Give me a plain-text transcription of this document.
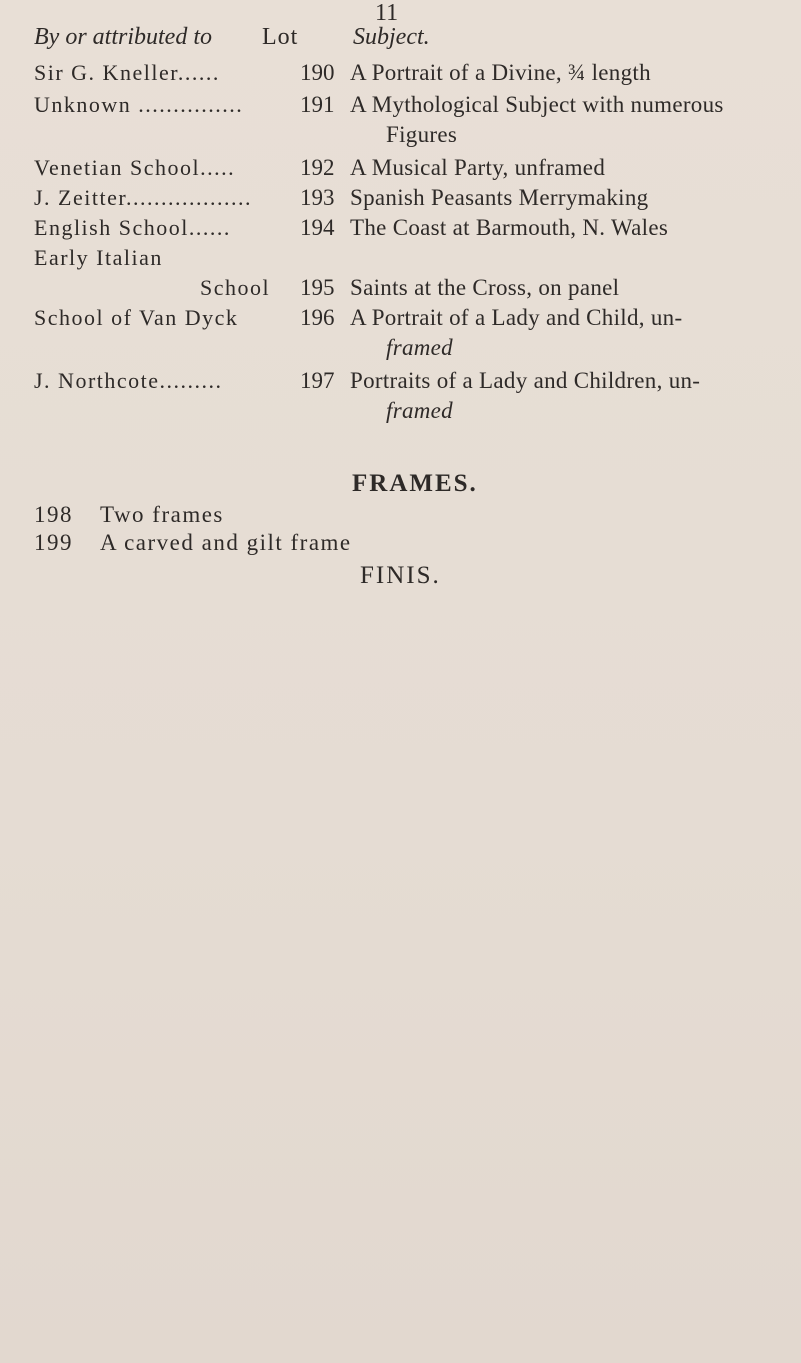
11
By or attributed to Lot Subject.
Sir G. Kneller......	190 A Portrait of a Divine, ¾ length
Unknown ............... 191 A Mythological Subject with numerous
Figures
Venetian School.....	192 A Musical Party, unframed
J. Zeitter.................. 193 Spanish Peasants Merrymaking
English School......	194 The Coast at Barmouth, N. Wales
Early Italian
School 195 Saints at the Cross, on panel
School of Van Dyck	196 A Portrait of a Lady and Child, un-
framed
J. Northcote.........	197 Portraits of a Lady and Children, un-
framed
FRAMES.
198 Two frames
199 A carved and gilt frame
FINIS.
